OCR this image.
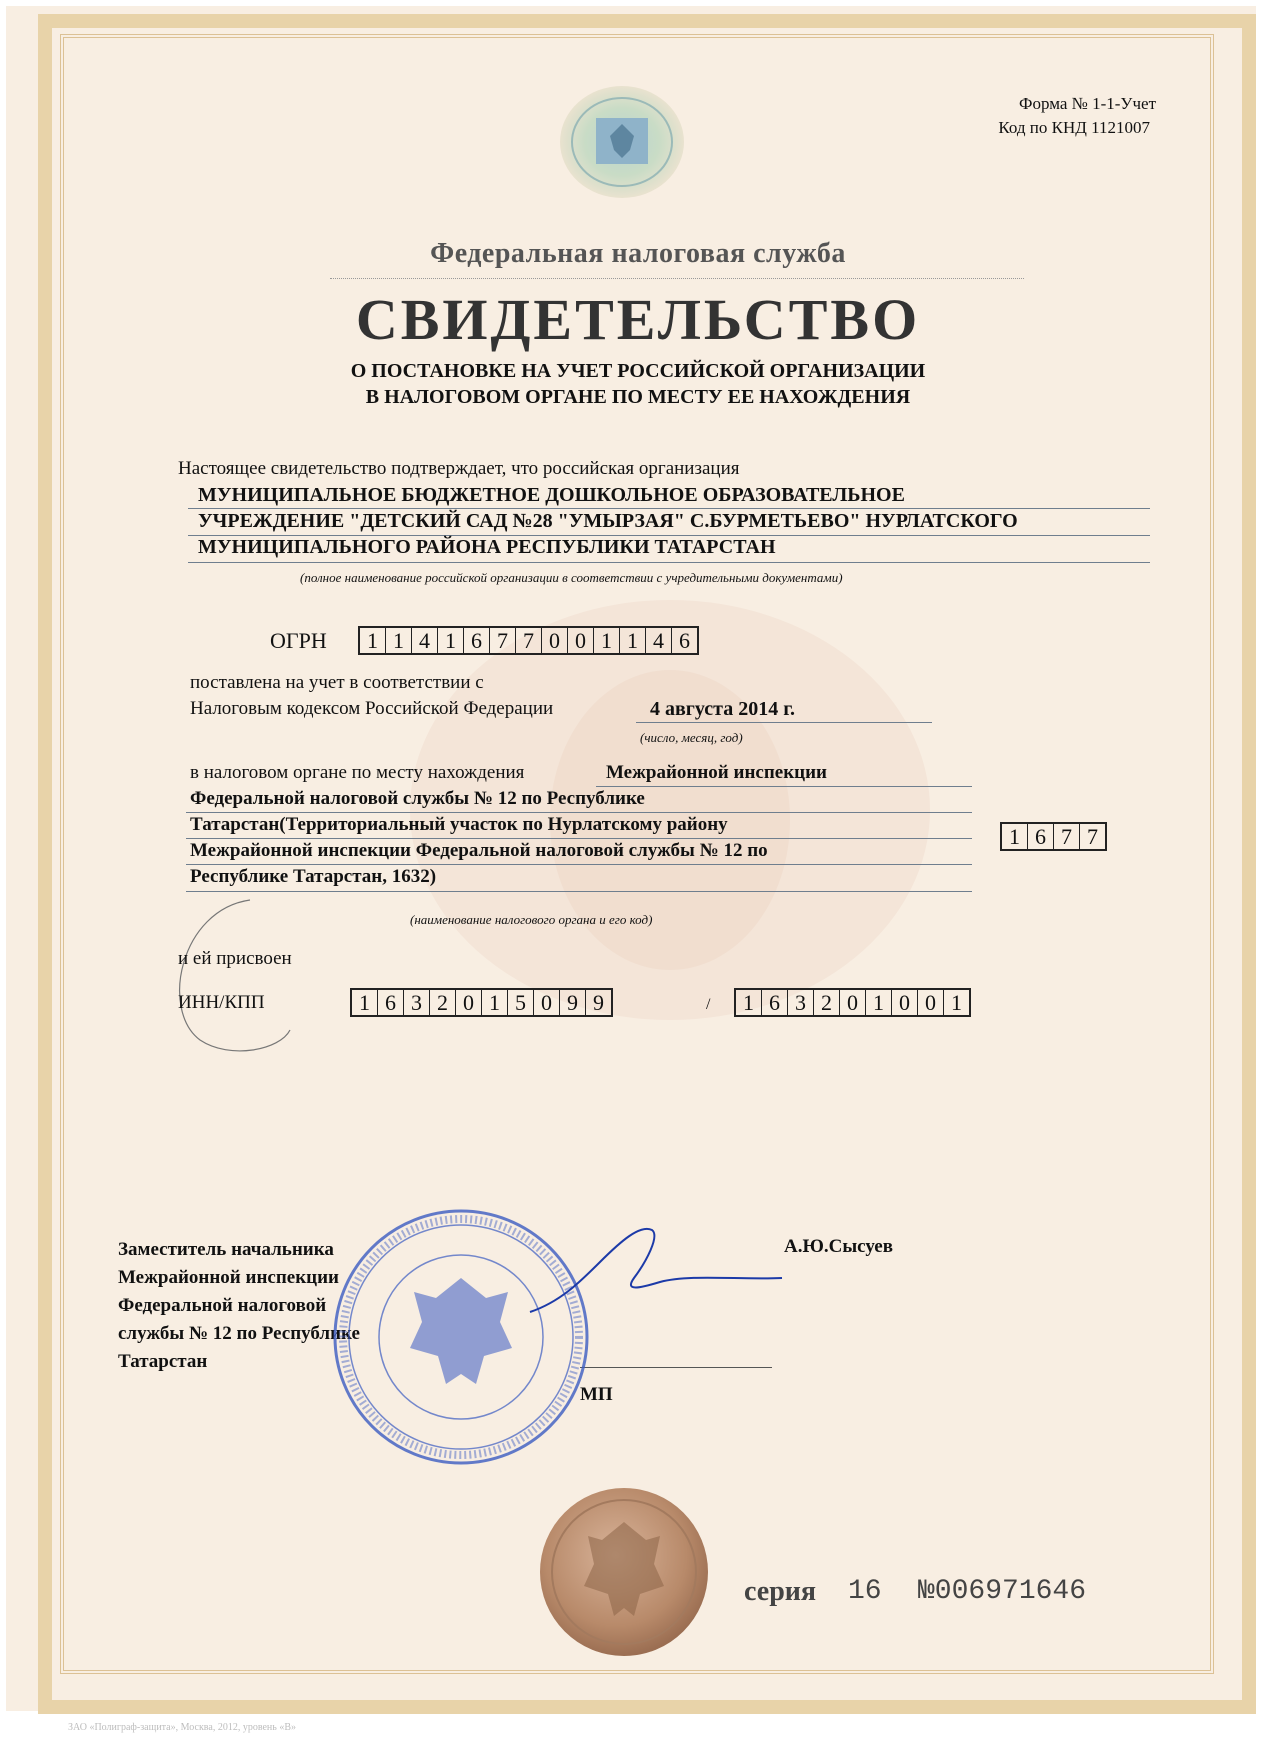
Форма № 1-1-Учет
Код по КНД 1121007
Федеральная налоговая служба
СВИДЕТЕЛЬСТВО
О ПОСТАНОВКЕ НА УЧЕТ РОССИЙСКОЙ ОРГАНИЗАЦИИ
В НАЛОГОВОМ ОРГАНЕ ПО МЕСТУ ЕЕ НАХОЖДЕНИЯ
Настоящее свидетельство подтверждает, что российская организация
МУНИЦИПАЛЬНОЕ БЮДЖЕТНОЕ ДОШКОЛЬНОЕ ОБРАЗОВАТЕЛЬНОЕ
УЧРЕЖДЕНИЕ "ДЕТСКИЙ САД №28 "УМЫРЗАЯ" С.БУРМЕТЬЕВО" НУРЛАТСКОГО
МУНИЦИПАЛЬНОГО РАЙОНА РЕСПУБЛИКИ ТАТАРСТАН
(полное наименование российской организации в соответствии с учредительными документами)
ОГРН	1 1 4 1 6 7 7 0 0 1 1 4 6
поставлена на учет в соответствии с
Налоговым кодексом Российской Федерации	4 августа 2014 г.
(число, месяц, год)
в налоговом органе по месту нахождения	Межрайонной инспекции
Федеральной налоговой службы № 12 по Республике
Татарстан(Территориальный участок по Нурлатскому району
Межрайонной инспекции Федеральной налоговой службы № 12 по
Республике Татарстан, 1632)
1 6 7 7
(наименование налогового органа и его код)
и ей присвоен
ИНН/КПП	1 6 3 2 0 1 5 0 9 9	/	1 6 3 2 0 1 0 0 1
Заместитель начальника
Межрайонной инспекции
Федеральной налоговой
службы № 12 по Республике
Татарстан
А.Ю.Сысуев
МП
серия 16 №006971646
ЗАО «Полиграф-защита», Москва, 2012, уровень «В»
